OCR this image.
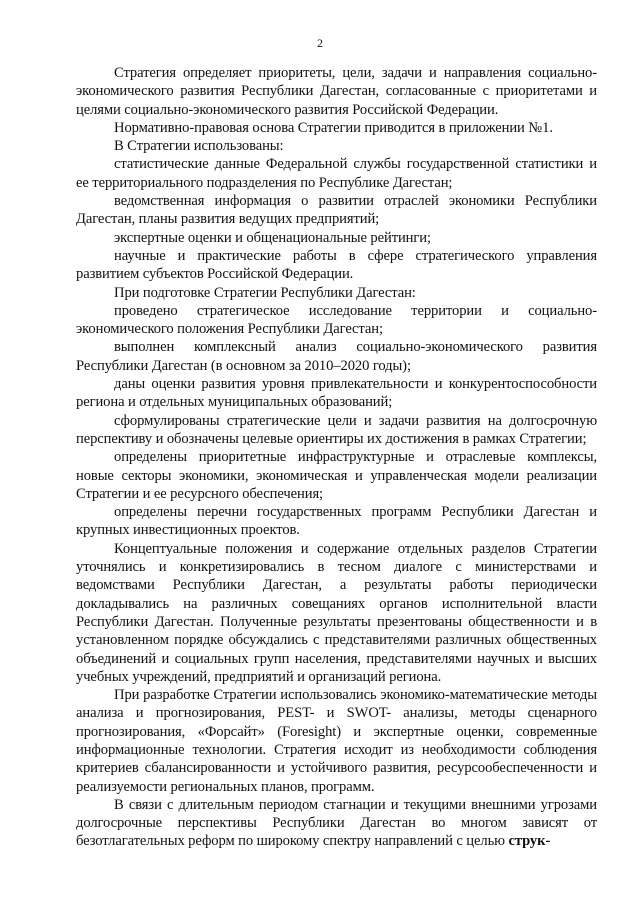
2

Стратегия определяет приоритеты, цели, задачи и направления социально-экономического развития Республики Дагестан, согласованные с приоритетами и целями социально-экономического развития Российской Федерации.

Нормативно-правовая основа Стратегии приводится в приложении №1.

В Стратегии использованы:

статистические данные Федеральной службы государственной статистики и ее территориального подразделения по Республике Дагестан;

ведомственная информация о развитии отраслей экономики Республики Дагестан, планы развития ведущих предприятий;

экспертные оценки и общенациональные рейтинги;

научные и практические работы в сфере стратегического управления развитием субъектов Российской Федерации.

При подготовке Стратегии Республики Дагестан:

проведено стратегическое исследование территории и социально-экономического положения Республики Дагестан;

выполнен комплексный анализ социально-экономического развития Республики Дагестан (в основном за 2010–2020 годы);

даны оценки развития уровня привлекательности и конкурентоспособности региона и отдельных муниципальных образований;

сформулированы стратегические цели и задачи развития на долгосрочную перспективу и обозначены целевые ориентиры их достижения в рамках Стратегии;

определены приоритетные инфраструктурные и отраслевые комплексы, новые секторы экономики, экономическая и управленческая модели реализации Стратегии и ее ресурсного обеспечения;

определены перечни государственных программ Республики Дагестан и крупных инвестиционных проектов.

Концептуальные положения и содержание отдельных разделов Стратегии уточнялись и конкретизировались в тесном диалоге с министерствами и ведомствами Республики Дагестан, а результаты работы периодически докладывались на различных совещаниях органов исполнительной власти Республики Дагестан. Полученные результаты презентованы общественности и в установленном порядке обсуждались с представителями различных общественных объединений и социальных групп населения, представителями научных и высших учебных учреждений, предприятий и организаций региона.

При разработке Стратегии использовались экономико-математические методы анализа и прогнозирования, PEST- и SWOT- анализы, методы сценарного прогнозирования, «Форсайт» (Foresight) и экспертные оценки, современные информационные технологии. Стратегия исходит из необходимости соблюдения критериев сбалансированности и устойчивого развития, ресурсообеспеченности и реализуемости региональных планов, программ.

В связи с длительным периодом стагнации и текущими внешними угрозами долгосрочные перспективы Республики Дагестан во многом зависят от безотлагательных реформ по широкому спектру направлений с целью струк-
